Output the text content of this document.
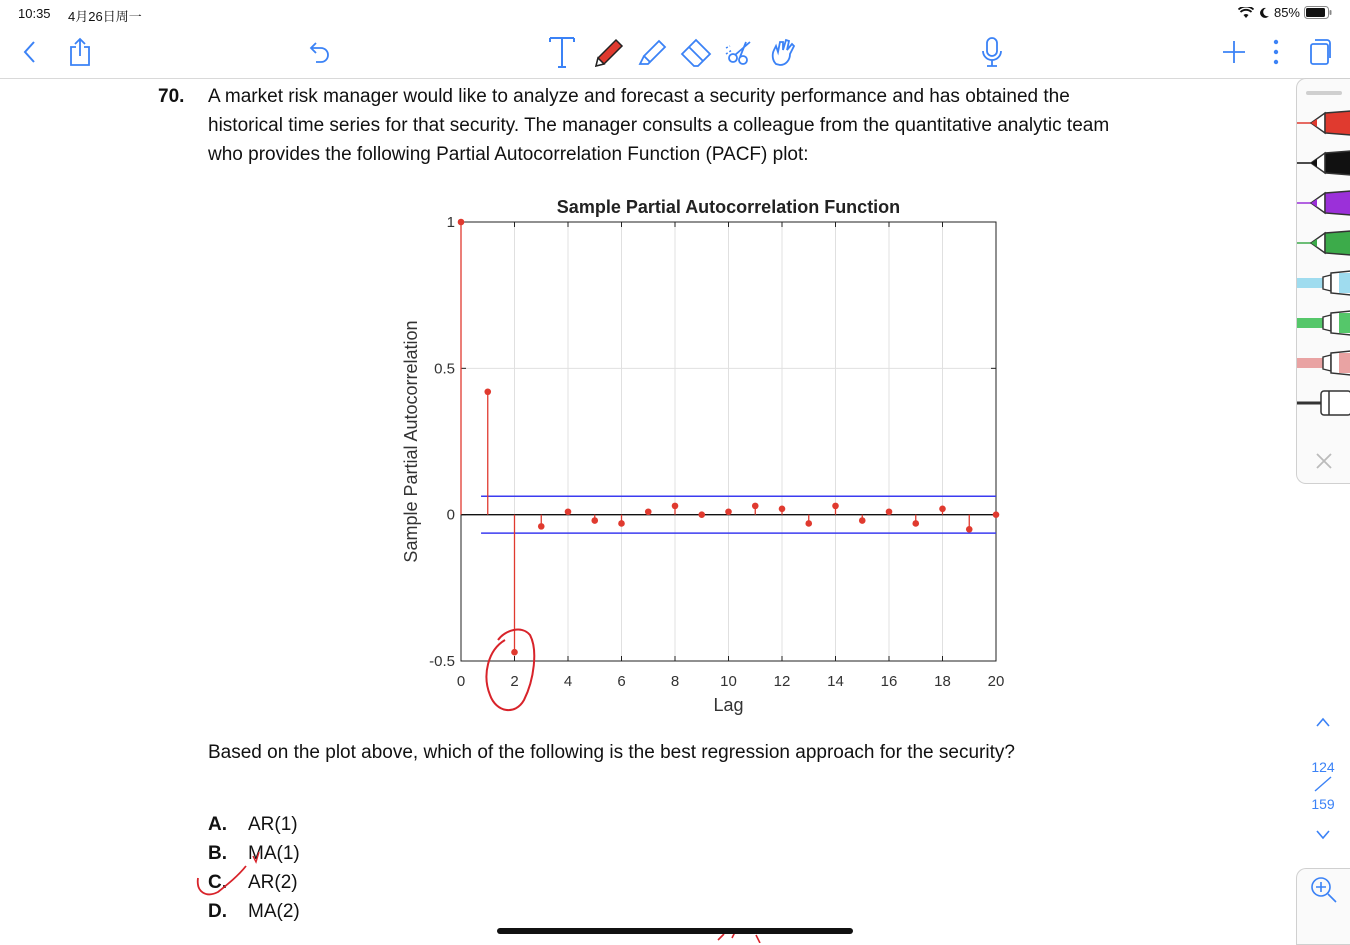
10:35 4月26日周一	85%
70. A market risk manager would like to analyze and forecast a security performance and has obtained the
historical time series for that security. The manager consults a colleague from the quantitative analytic team
who provides the following Partial Autocorrelation Function (PACF) plot:
0	2	4	6	8	10 12 14 16 18 20
-0.5
0
0.5
1
Sample Partial Autocorrelation Function
Lag
Sample Partial Autocorrelation
Based on the plot above, which of the following is the best regression approach for the security?
A. AR(1)
B. MA(1)
C. AR(2)
D. MA(2)
124
159
